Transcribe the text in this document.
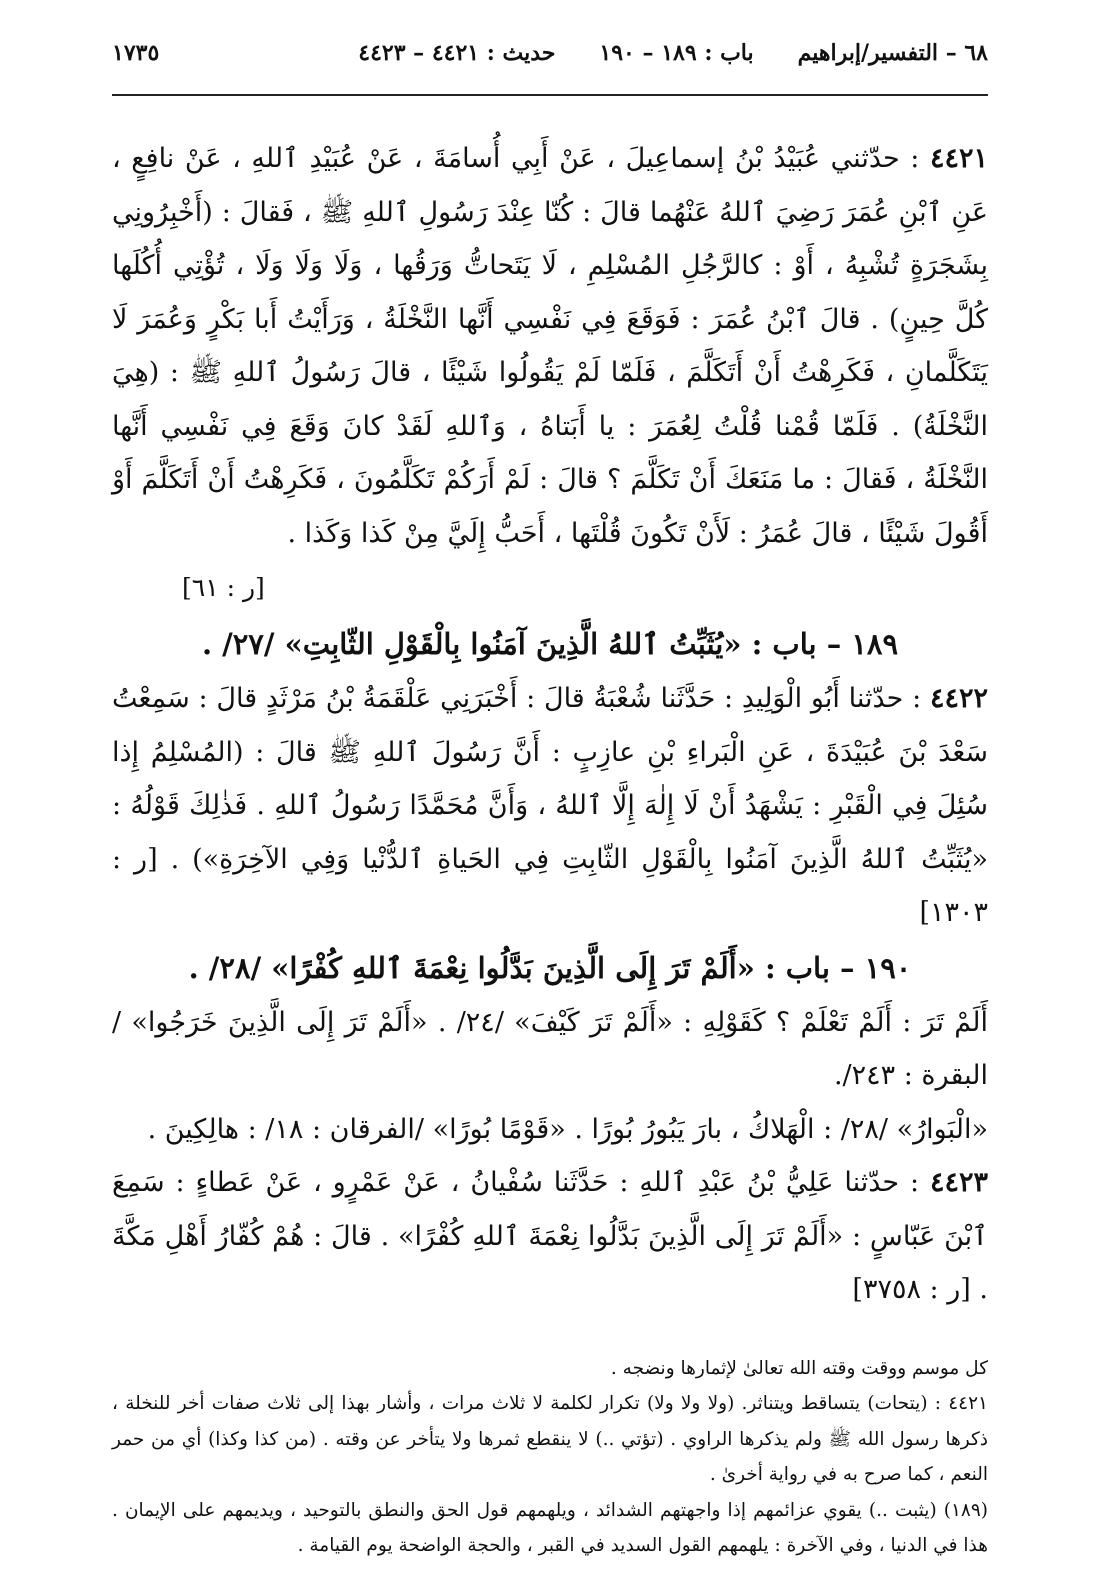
٦٨ – التفسير/إبراهيم
باب : ١٨٩ – ١٩٠
حديث : ٤٤٢١ – ٤٤٢٣
١٧٣٥

٤٤٢١ : حدّثني عُبَيْدُ بْنُ إسماعِيلَ ، عَنْ أَبِي أُسامَةَ ، عَنْ عُبَيْدِ ٱللهِ ، عَنْ نافِعٍ ، عَنِ ٱبْنِ عُمَرَ رَضِيَ ٱللهُ عَنْهُما قالَ : كُنّا عِنْدَ رَسُولِ ٱللهِ ﷺ ، فَقالَ : (أَخْبِرُونِي بِشَجَرَةٍ تُشْبِهُ ، أَوْ : كالرَّجُلِ المُسْلِمِ ، لَا يَتَحاتُّ وَرَقُها ، وَلَا وَلَا وَلَا ، تُؤْتِي أُكُلَها كُلَّ حِينٍ) . قالَ ٱبْنُ عُمَرَ : فَوَقَعَ فِي نَفْسِي أَنَّها النَّخْلَةُ ، وَرَأَيْتُ أَبا بَكْرٍ وَعُمَرَ لَا يَتَكَلَّمانِ ، فَكَرِهْتُ أَنْ أَتَكَلَّمَ ، فَلَمّا لَمْ يَقُولُوا شَيْئًا ، قالَ رَسُولُ ٱللهِ ﷺ : (هِيَ النَّخْلَةُ) . فَلَمّا قُمْنا قُلْتُ لِعُمَرَ : يا أَبَتاهُ ، وَٱللهِ لَقَدْ كانَ وَقَعَ فِي نَفْسِي أَنَّها النَّخْلَةُ ، فَقالَ : ما مَنَعَكَ أَنْ تَكَلَّمَ ؟ قالَ : لَمْ أَرَكُمْ تَكَلَّمُونَ ، فَكَرِهْتُ أَنْ أَتَكَلَّمَ أَوْ أَقُولَ شَيْئًا ، قالَ عُمَرُ : لَأَنْ تَكُونَ قُلْتَها ، أَحَبُّ إِلَيَّ مِنْ كَذا وَكَذا .

[ر : ٦١]
١٨٩ – باب : «يُثَبِّتُ ٱللهُ الَّذِينَ آمَنُوا بِالْقَوْلِ الثّابِتِ» /٢٧/ .

٤٤٢٢ : حدّثنا أَبُو الْوَلِيدِ : حَدَّثَنا شُعْبَةُ قالَ : أَخْبَرَنِي عَلْقَمَةُ بْنُ مَرْثَدٍ قالَ : سَمِعْتُ سَعْدَ بْنَ عُبَيْدَةَ ، عَنِ الْبَراءِ بْنِ عازِبٍ : أَنَّ رَسُولَ ٱللهِ ﷺ قالَ : (المُسْلِمُ إِذا سُئِلَ فِي الْقَبْرِ : يَشْهَدُ أَنْ لَا إِلٰهَ إِلَّا ٱللهُ ، وَأَنَّ مُحَمَّدًا رَسُولُ ٱللهِ . فَذٰلِكَ قَوْلُهُ : «يُثَبِّتُ ٱللهُ الَّذِينَ آمَنُوا بِالْقَوْلِ الثّابِتِ فِي الحَياةِ ٱلدُّنْيا وَفِي الآخِرَةِ») . [ر : ١٣٠٣]

١٩٠ – باب : «أَلَمْ تَرَ إِلَى الَّذِينَ بَدَّلُوا نِعْمَةَ ٱللهِ كُفْرًا» /٢٨/ .

أَلَمْ تَرَ : أَلَمْ تَعْلَمْ ؟ كَقَوْلِهِ : «أَلَمْ تَرَ كَيْفَ» /٢٤/ . «أَلَمْ تَرَ إِلَى الَّذِينَ خَرَجُوا» /البقرة : ٢٤٣/.

«الْبَوارُ» /٢٨/ : الْهَلاكُ ، بارَ يَبُورُ بُورًا . «قَوْمًا بُورًا» /الفرقان : ١٨/ : هالِكِينَ .

٤٤٢٣ : حدّثنا عَلِيُّ بْنُ عَبْدِ ٱللهِ : حَدَّثَنا سُفْيانُ ، عَنْ عَمْرٍو ، عَنْ عَطاءٍ : سَمِعَ ٱبْنَ عَبّاسٍ : «أَلَمْ تَرَ إِلَى الَّذِينَ بَدَّلُوا نِعْمَةَ ٱللهِ كُفْرًا» . قالَ : هُمْ كُفّارُ أَهْلِ مَكَّةَ . [ر : ٣٧٥٨]

كل موسم ووقت وقته الله تعالىٰ لإثمارها ونضجه .

٤٤٢١ : (يتحات) يتساقط ويتناثر. (ولا ولا ولا) تكرار لكلمة لا ثلاث مرات ، وأشار بهذا إلى ثلاث صفات أخر للنخلة ، ذكرها رسول الله ﷺ ولم يذكرها الراوي . (تؤتي ..) لا ينقطع ثمرها ولا يتأخر عن وقته . (من كذا وكذا) أي من حمر النعم ، كما صرح به في رواية أخرىٰ .

(١٨٩) (يثبت ..) يقوي عزائمهم إذا واجهتهم الشدائد ، ويلهمهم قول الحق والنطق بالتوحيد ، ويديمهم على الإيمان . هذا في الدنيا ، وفي الآخرة : يلهمهم القول السديد في القبر ، والحجة الواضحة يوم القيامة .
